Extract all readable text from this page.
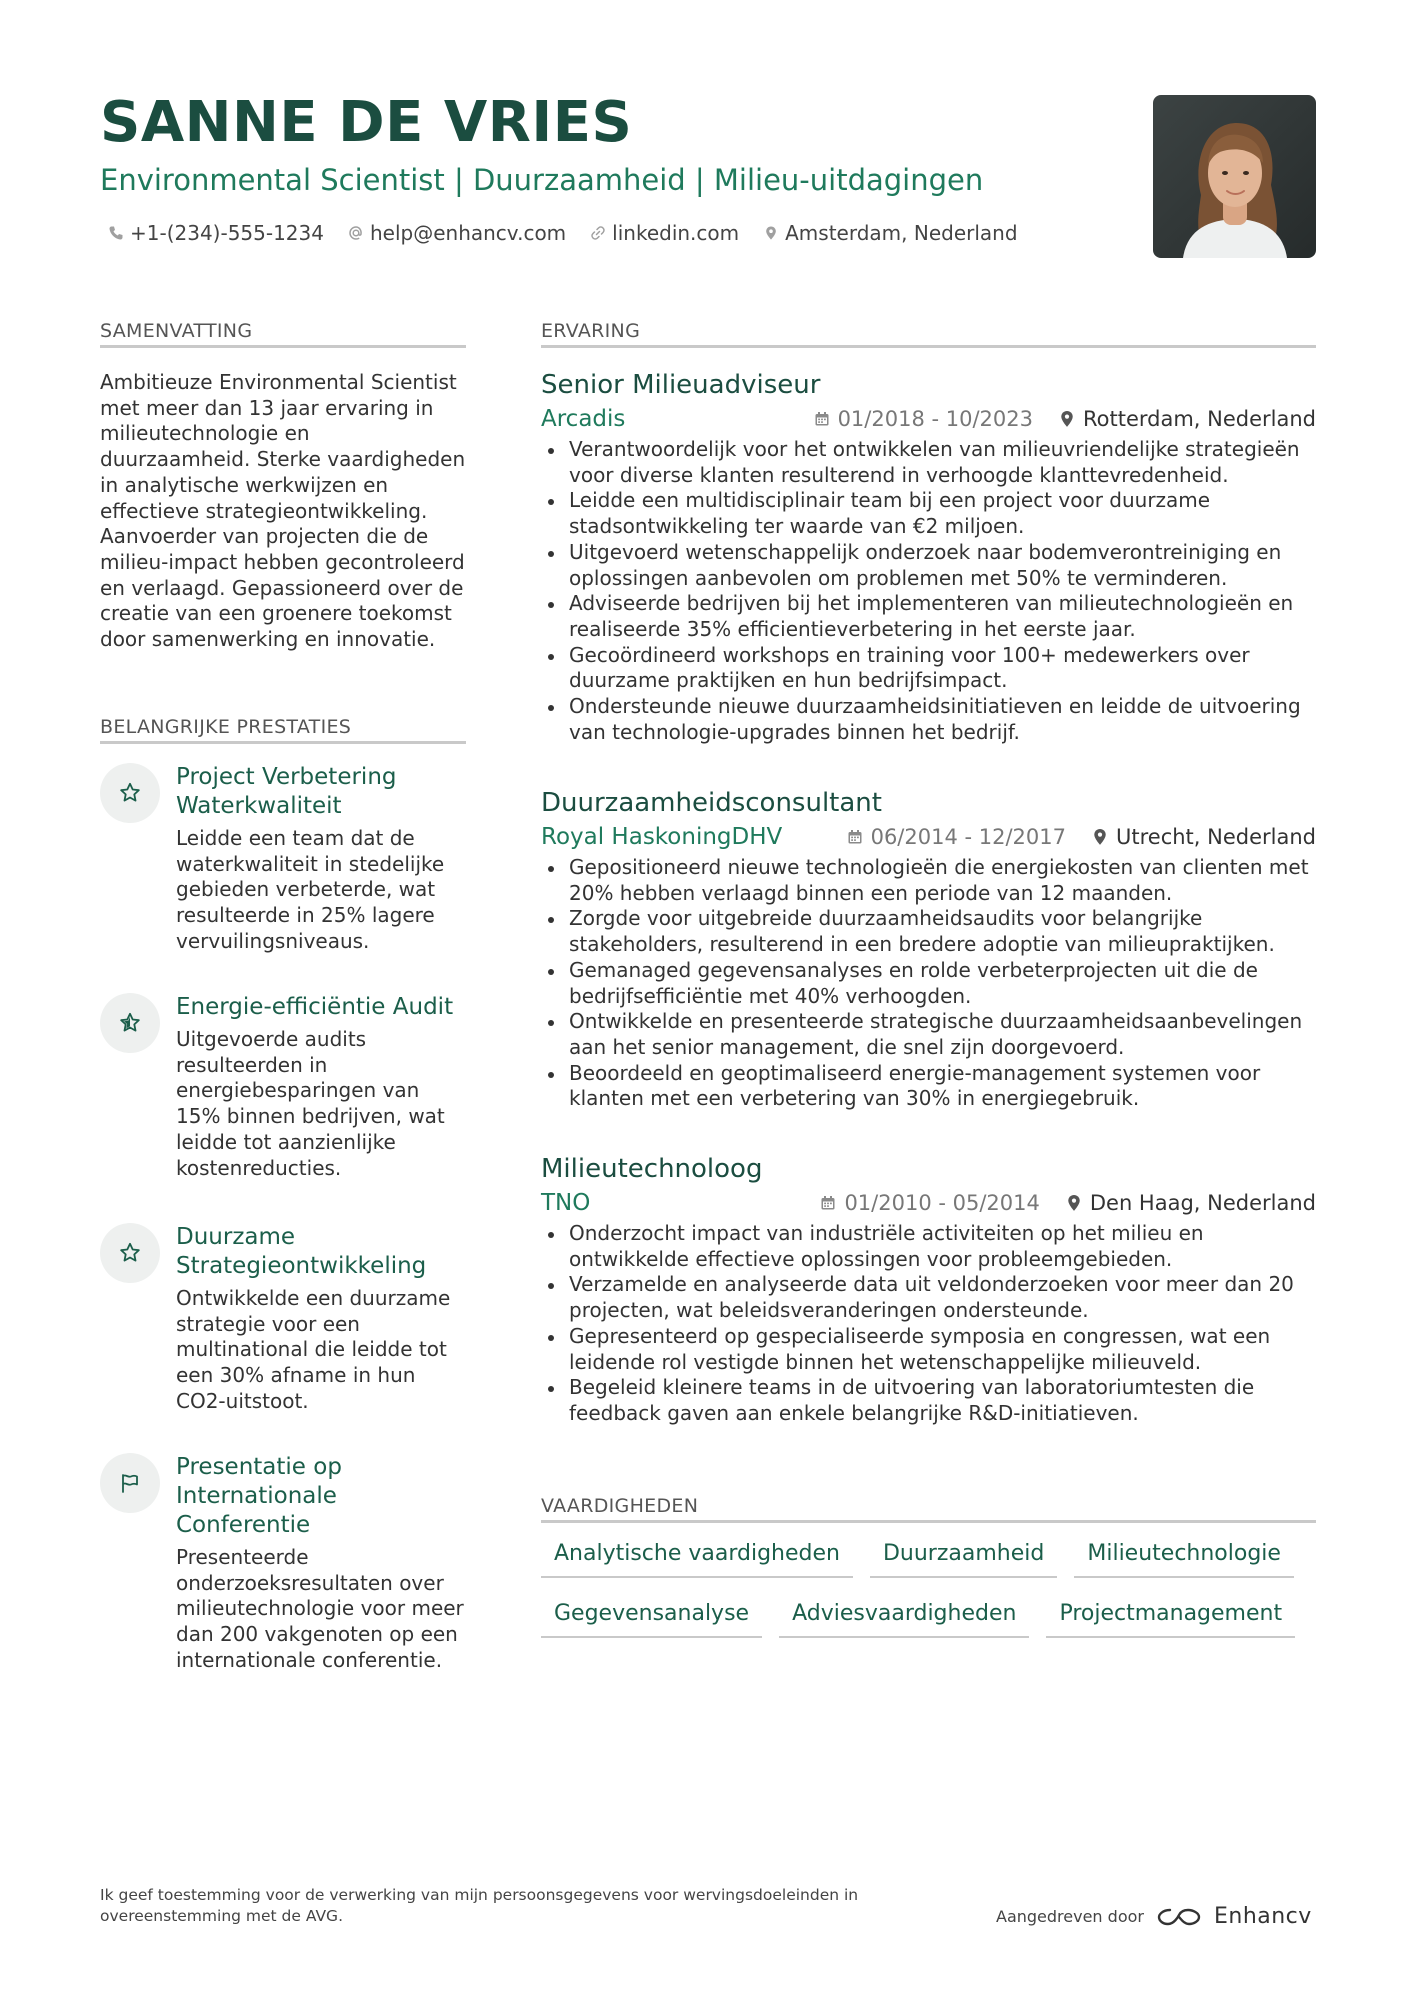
SANNE DE VRIES
Environmental Scientist | Duurzaamheid | Milieu-uitdagingen
+1-(234)-555-1234 help@enhancv.com linkedin.com Amsterdam, Nederland
SAMENVATTING
Ambitieuze Environmental Scientist met meer dan 13 jaar ervaring in milieutechnologie en duurzaamheid. Sterke vaardigheden in analytische werkwijzen en effectieve strategieontwikkeling. Aanvoerder van projecten die de milieu-impact hebben gecontroleerd en verlaagd. Gepassioneerd over de creatie van een groenere toekomst door samenwerking en innovatie.
BELANGRIJKE PRESTATIES
Project Verbetering Waterkwaliteit
Leidde een team dat de waterkwaliteit in stedelijke gebieden verbeterde, wat resulteerde in 25% lagere vervuilingsniveaus.
Energie-efficiëntie Audit
Uitgevoerde audits resulteerden in energiebesparingen van 15% binnen bedrijven, wat leidde tot aanzienlijke kostenreducties.
Duurzame Strategieontwikkeling
Ontwikkelde een duurzame strategie voor een multinational die leidde tot een 30% afname in hun CO2-uitstoot.
Presentatie op Internationale Conferentie
Presenteerde onderzoeksresultaten over milieutechnologie voor meer dan 200 vakgenoten op een internationale conferentie.
ERVARING
Senior Milieuadviseur
Arcadis	01/2018 - 10/2023 Rotterdam, Nederland
Verantwoordelijk voor het ontwikkelen van milieuvriendelijke strategieën voor diverse klanten resulterend in verhoogde klanttevredenheid.
Leidde een multidisciplinair team bij een project voor duurzame stadsontwikkeling ter waarde van €2 miljoen.
Uitgevoerd wetenschappelijk onderzoek naar bodemverontreiniging en oplossingen aanbevolen om problemen met 50% te verminderen.
Adviseerde bedrijven bij het implementeren van milieutechnologieën en realiseerde 35% efficientieverbetering in het eerste jaar.
Gecoördineerd workshops en training voor 100+ medewerkers over duurzame praktijken en hun bedrijfsimpact.
Ondersteunde nieuwe duurzaamheidsinitiatieven en leidde de uitvoering van technologie-upgrades binnen het bedrijf.
Duurzaamheidsconsultant
Royal HaskoningDHV	06/2014 - 12/2017 Utrecht, Nederland
Gepositioneerd nieuwe technologieën die energiekosten van clienten met 20% hebben verlaagd binnen een periode van 12 maanden.
Zorgde voor uitgebreide duurzaamheidsaudits voor belangrijke stakeholders, resulterend in een bredere adoptie van milieupraktijken.
Gemanaged gegevensanalyses en rolde verbeterprojecten uit die de bedrijfsefficiëntie met 40% verhoogden.
Ontwikkelde en presenteerde strategische duurzaamheidsaanbevelingen aan het senior management, die snel zijn doorgevoerd.
Beoordeeld en geoptimaliseerd energie-management systemen voor klanten met een verbetering van 30% in energiegebruik.
Milieutechnoloog
TNO	01/2010 - 05/2014 Den Haag, Nederland
Onderzocht impact van industriële activiteiten op het milieu en ontwikkelde effectieve oplossingen voor probleemgebieden.
Verzamelde en analyseerde data uit veldonderzoeken voor meer dan 20 projecten, wat beleidsveranderingen ondersteunde.
Gepresenteerd op gespecialiseerde symposia en congressen, wat een leidende rol vestigde binnen het wetenschappelijke milieuveld.
Begeleid kleinere teams in de uitvoering van laboratoriumtesten die feedback gaven aan enkele belangrijke R&D-initiatieven.
VAARDIGHEDEN
Analytische vaardigheden	Duurzaamheid	Milieutechnologie
Gegevensanalyse	Adviesvaardigheden	Projectmanagement
Ik geef toestemming voor de verwerking van mijn persoonsgegevens voor wervingsdoeleinden in overeenstemming met de AVG.	Aangedreven door	Enhancv
